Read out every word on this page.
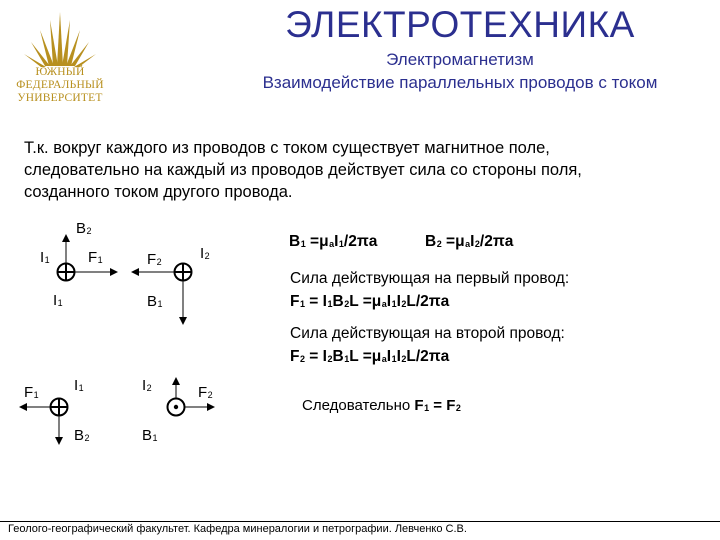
ЮЖНЫЙ
ФЕДЕРАЛЬНЫЙ
УНИВЕРСИТЕТ
ЭЛЕКТРОТЕХНИКА
Электромагнетизм
Взаимодействие параллельных проводов с током
Т.к. вокруг каждого из проводов с током существует магнитное поле,
следовательно на каждый из проводов действует сила со стороны поля,
созданного током другого провода.
$B_2$
$I_1$	$F_1$
$I_1$
$F_2$	$I_2$
$B_1$
$F_1$
$I_1$
$B_2$
$I_2$	$F_2$
$B_1$
$B_1 =\mu_aI_1/2\pi a$	$B_2 =\mu_aI_2/2\pi a$
Сила действующая на первый провод:
$F_1 = I_1B_2L =\mu_aI_1I_2L/2\pi a$
Сила действующая на второй провод:
$F_2 = I_2B_1L =\mu_aI_1I_2L/2\pi a$
Следовательно $F_1 = F_2$
Геолого-географический факультет. Кафедра минералогии и петрографии. Левченко С.В.
